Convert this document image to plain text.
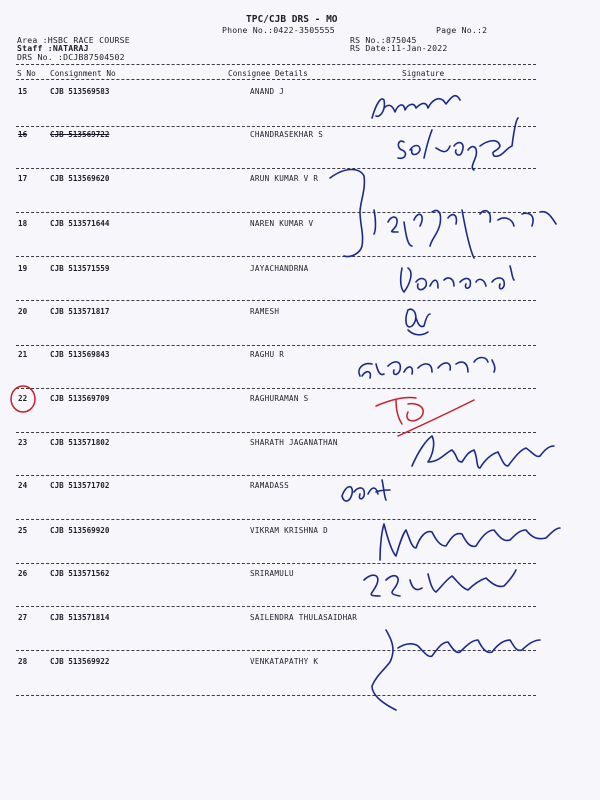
TPC/CJB DRS - MO
Phone No.:0422-3505555	Page No.:2
Area :HSBC RACE COURSE
Staff :NATARAJ
DRS No. :DCJB87504502
RS No.:875045
RS Date:11-Jan-2022
S No Consignment No	Consignee Details	Signature
15	CJB 513569583	ANAND J
16	CJB 513569722	CHANDRASEKHAR S
17	CJB 513569620	ARUN KUMAR V R
18	CJB 513571644	NAREN KUMAR V
19	CJB 513571559	JAYACHANDRNA
20	CJB 513571817	RAMESH
21	CJB 513569843	RAGHU R
22	CJB 513569709	RAGHURAMAN S
23	CJB 513571802	SHARATH JAGANATHAN
24	CJB 513571702	RAMADASS
25	CJB 513569920	VIKRAM KRISHNA D
26	CJB 513571562	SRIRAMULU
27	CJB 513571814	SAILENDRA THULASAIDHAR
28	CJB 513569922	VENKATAPATHY K
